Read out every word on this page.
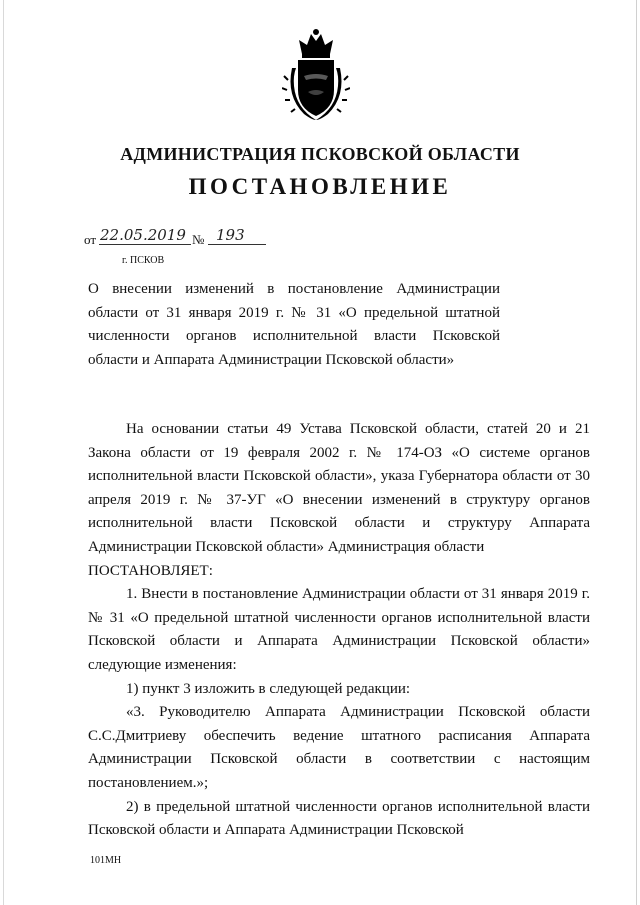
АДМИНИСТРАЦИЯ ПСКОВСКОЙ ОБЛАСТИ
ПОСТАНОВЛЕНИЕ
от 22.05.2019 № 193
г. ПСКОВ
О внесении изменений в постановление Администрации области от 31 января 2019 г. № 31 «О предельной штатной численности органов исполнительной власти Псковской области и Аппарата Администрации Псковской области»

На основании статьи 49 Устава Псковской области, статей 20 и 21 Закона области от 19 февраля 2002 г. № 174-ОЗ «О системе органов исполнительной власти Псковской области», указа Губернатора области от 30 апреля 2019 г. № 37-УГ «О внесении изменений в структуру органов исполнительной власти Псковской области и структуру Аппарата Администрации Псковской области» Администрация области

ПОСТАНОВЛЯЕТ:

1. Внести в постановление Администрации области от 31 января 2019 г. № 31 «О предельной штатной численности органов исполнительной власти Псковской области и Аппарата Администрации Псковской области» следующие изменения:

1) пункт 3 изложить в следующей редакции:

«3. Руководителю Аппарата Администрации Псковской области С.С.Дмитриеву обеспечить ведение штатного расписания Аппарата Администрации Псковской области в соответствии с настоящим постановлением.»;

2) в предельной штатной численности органов исполнительной власти Псковской области и Аппарата Администрации Псковской

101МН
